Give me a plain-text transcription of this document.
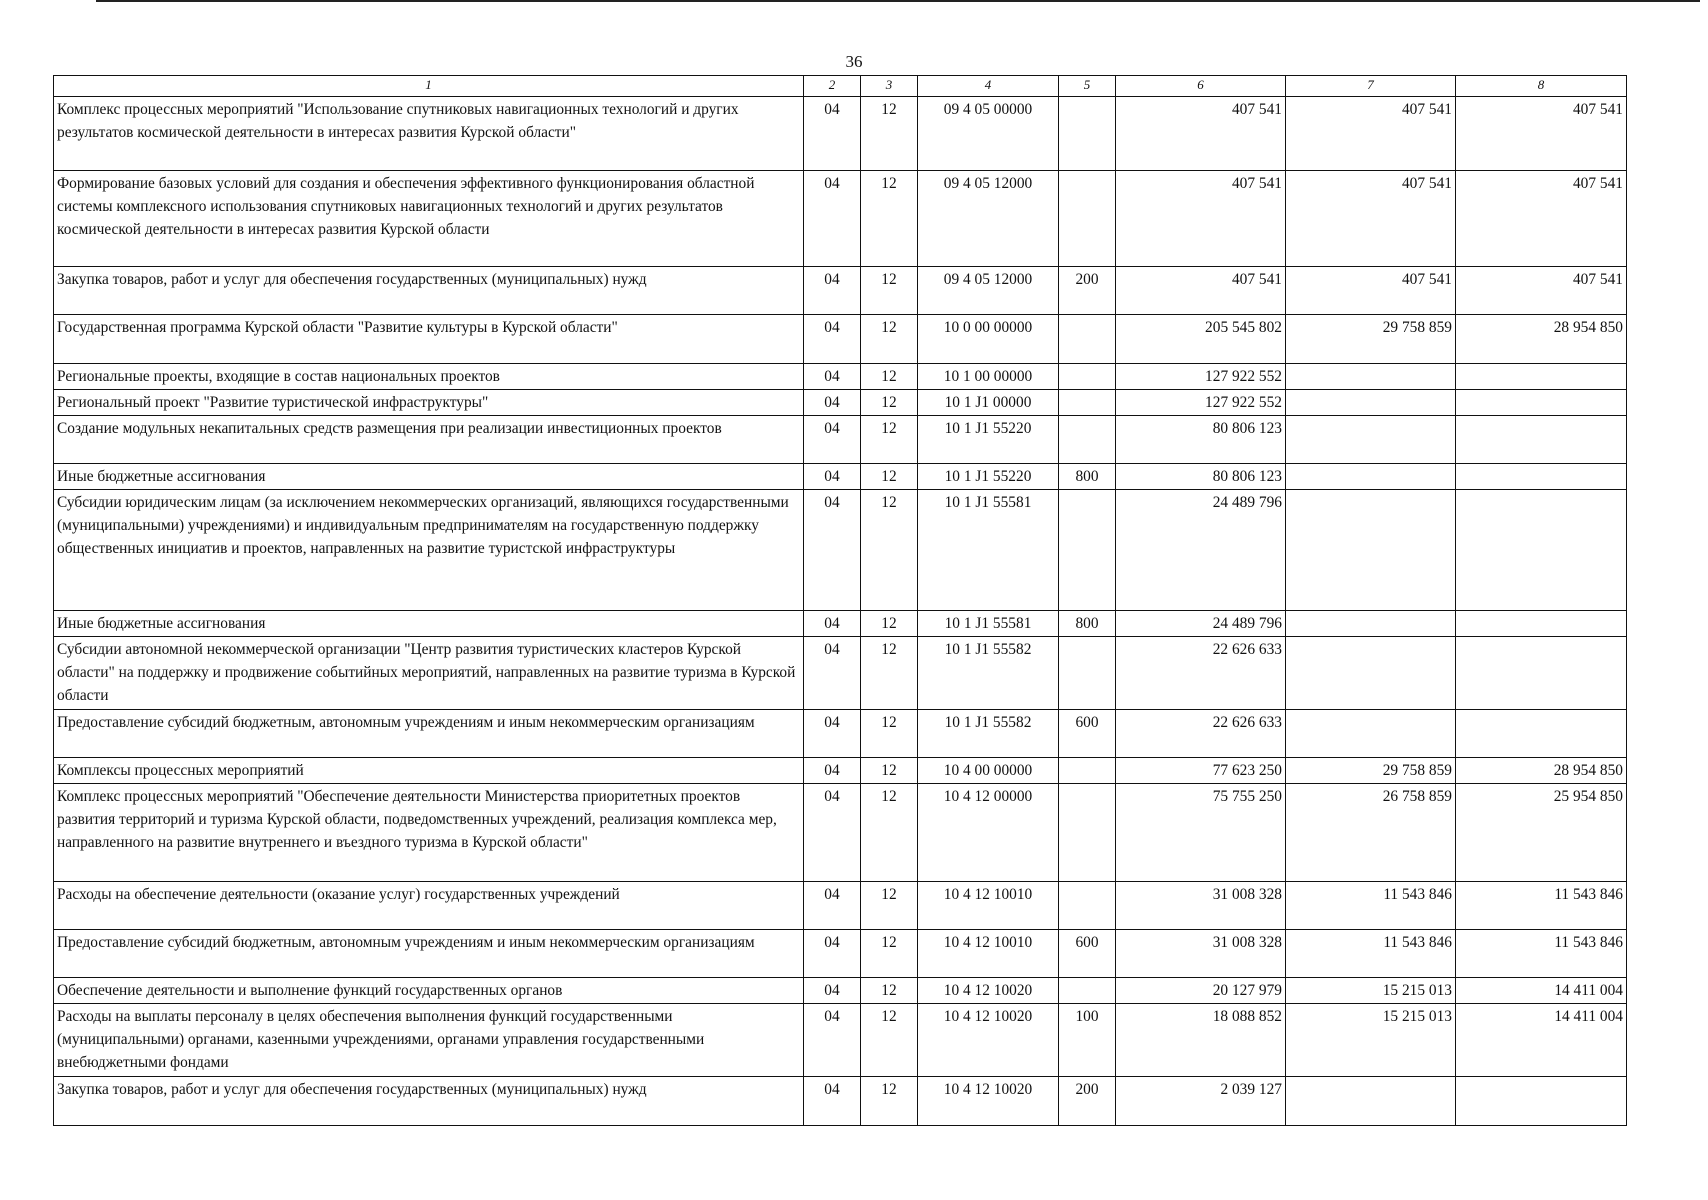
36
1	2	3	4	5	6	7	8
Комплекс процессных мероприятий "Использование спутниковых навигационных технологий и других результатов космической деятельности в интересах развития Курской области"	04	12	09 4 05 00000		407 541	407 541	407 541
Формирование базовых условий для создания и обеспечения эффективного функционирования областной системы комплексного использования спутниковых навигационных технологий и других результатов космической деятельности в интересах развития Курской области	04	12	09 4 05 12000		407 541	407 541	407 541
Закупка товаров, работ и услуг для обеспечения государственных (муниципальных) нужд	04	12	09 4 05 12000	200	407 541	407 541	407 541
Государственная программа Курской области "Развитие культуры в Курской области"	04	12	10 0 00 00000		205 545 802	29 758 859	28 954 850
Региональные проекты, входящие в состав национальных проектов	04	12	10 1 00 00000		127 922 552		
Региональный проект "Развитие туристической инфраструктуры"	04	12	10 1 J1 00000		127 922 552		
Создание модульных некапитальных средств размещения при реализации инвестиционных проектов	04	12	10 1 J1 55220		80 806 123		
Иные бюджетные ассигнования	04	12	10 1 J1 55220	800	80 806 123		
Субсидии юридическим лицам (за исключением некоммерческих организаций, являющихся государственными (муниципальными) учреждениями) и индивидуальным предпринимателям на государственную поддержку общественных инициатив и проектов, направленных на развитие туристской инфраструктуры	04	12	10 1 J1 55581		24 489 796		
Иные бюджетные ассигнования	04	12	10 1 J1 55581	800	24 489 796		
Субсидии автономной некоммерческой организации "Центр развития туристических кластеров Курской области" на поддержку и продвижение событийных мероприятий, направленных на развитие туризма в Курской области	04	12	10 1 J1 55582		22 626 633		
Предоставление субсидий бюджетным, автономным учреждениям и иным некоммерческим организациям	04	12	10 1 J1 55582	600	22 626 633		
Комплексы процессных мероприятий	04	12	10 4 00 00000		77 623 250	29 758 859	28 954 850
Комплекс процессных мероприятий "Обеспечение деятельности Министерства приоритетных проектов развития территорий и туризма Курской области, подведомственных учреждений, реализация комплекса мер, направленного на развитие внутреннего и въездного туризма в Курской области"	04	12	10 4 12 00000		75 755 250	26 758 859	25 954 850
Расходы на обеспечение деятельности (оказание услуг) государственных учреждений	04	12	10 4 12 10010		31 008 328	11 543 846	11 543 846
Предоставление субсидий бюджетным, автономным учреждениям и иным некоммерческим организациям	04	12	10 4 12 10010	600	31 008 328	11 543 846	11 543 846
Обеспечение деятельности и выполнение функций государственных органов	04	12	10 4 12 10020		20 127 979	15 215 013	14 411 004
Расходы на выплаты персоналу в целях обеспечения выполнения функций государственными (муниципальными) органами, казенными учреждениями, органами управления государственными внебюджетными фондами	04	12	10 4 12 10020	100	18 088 852	15 215 013	14 411 004
Закупка товаров, работ и услуг для обеспечения государственных (муниципальных) нужд	04	12	10 4 12 10020	200	2 039 127		
